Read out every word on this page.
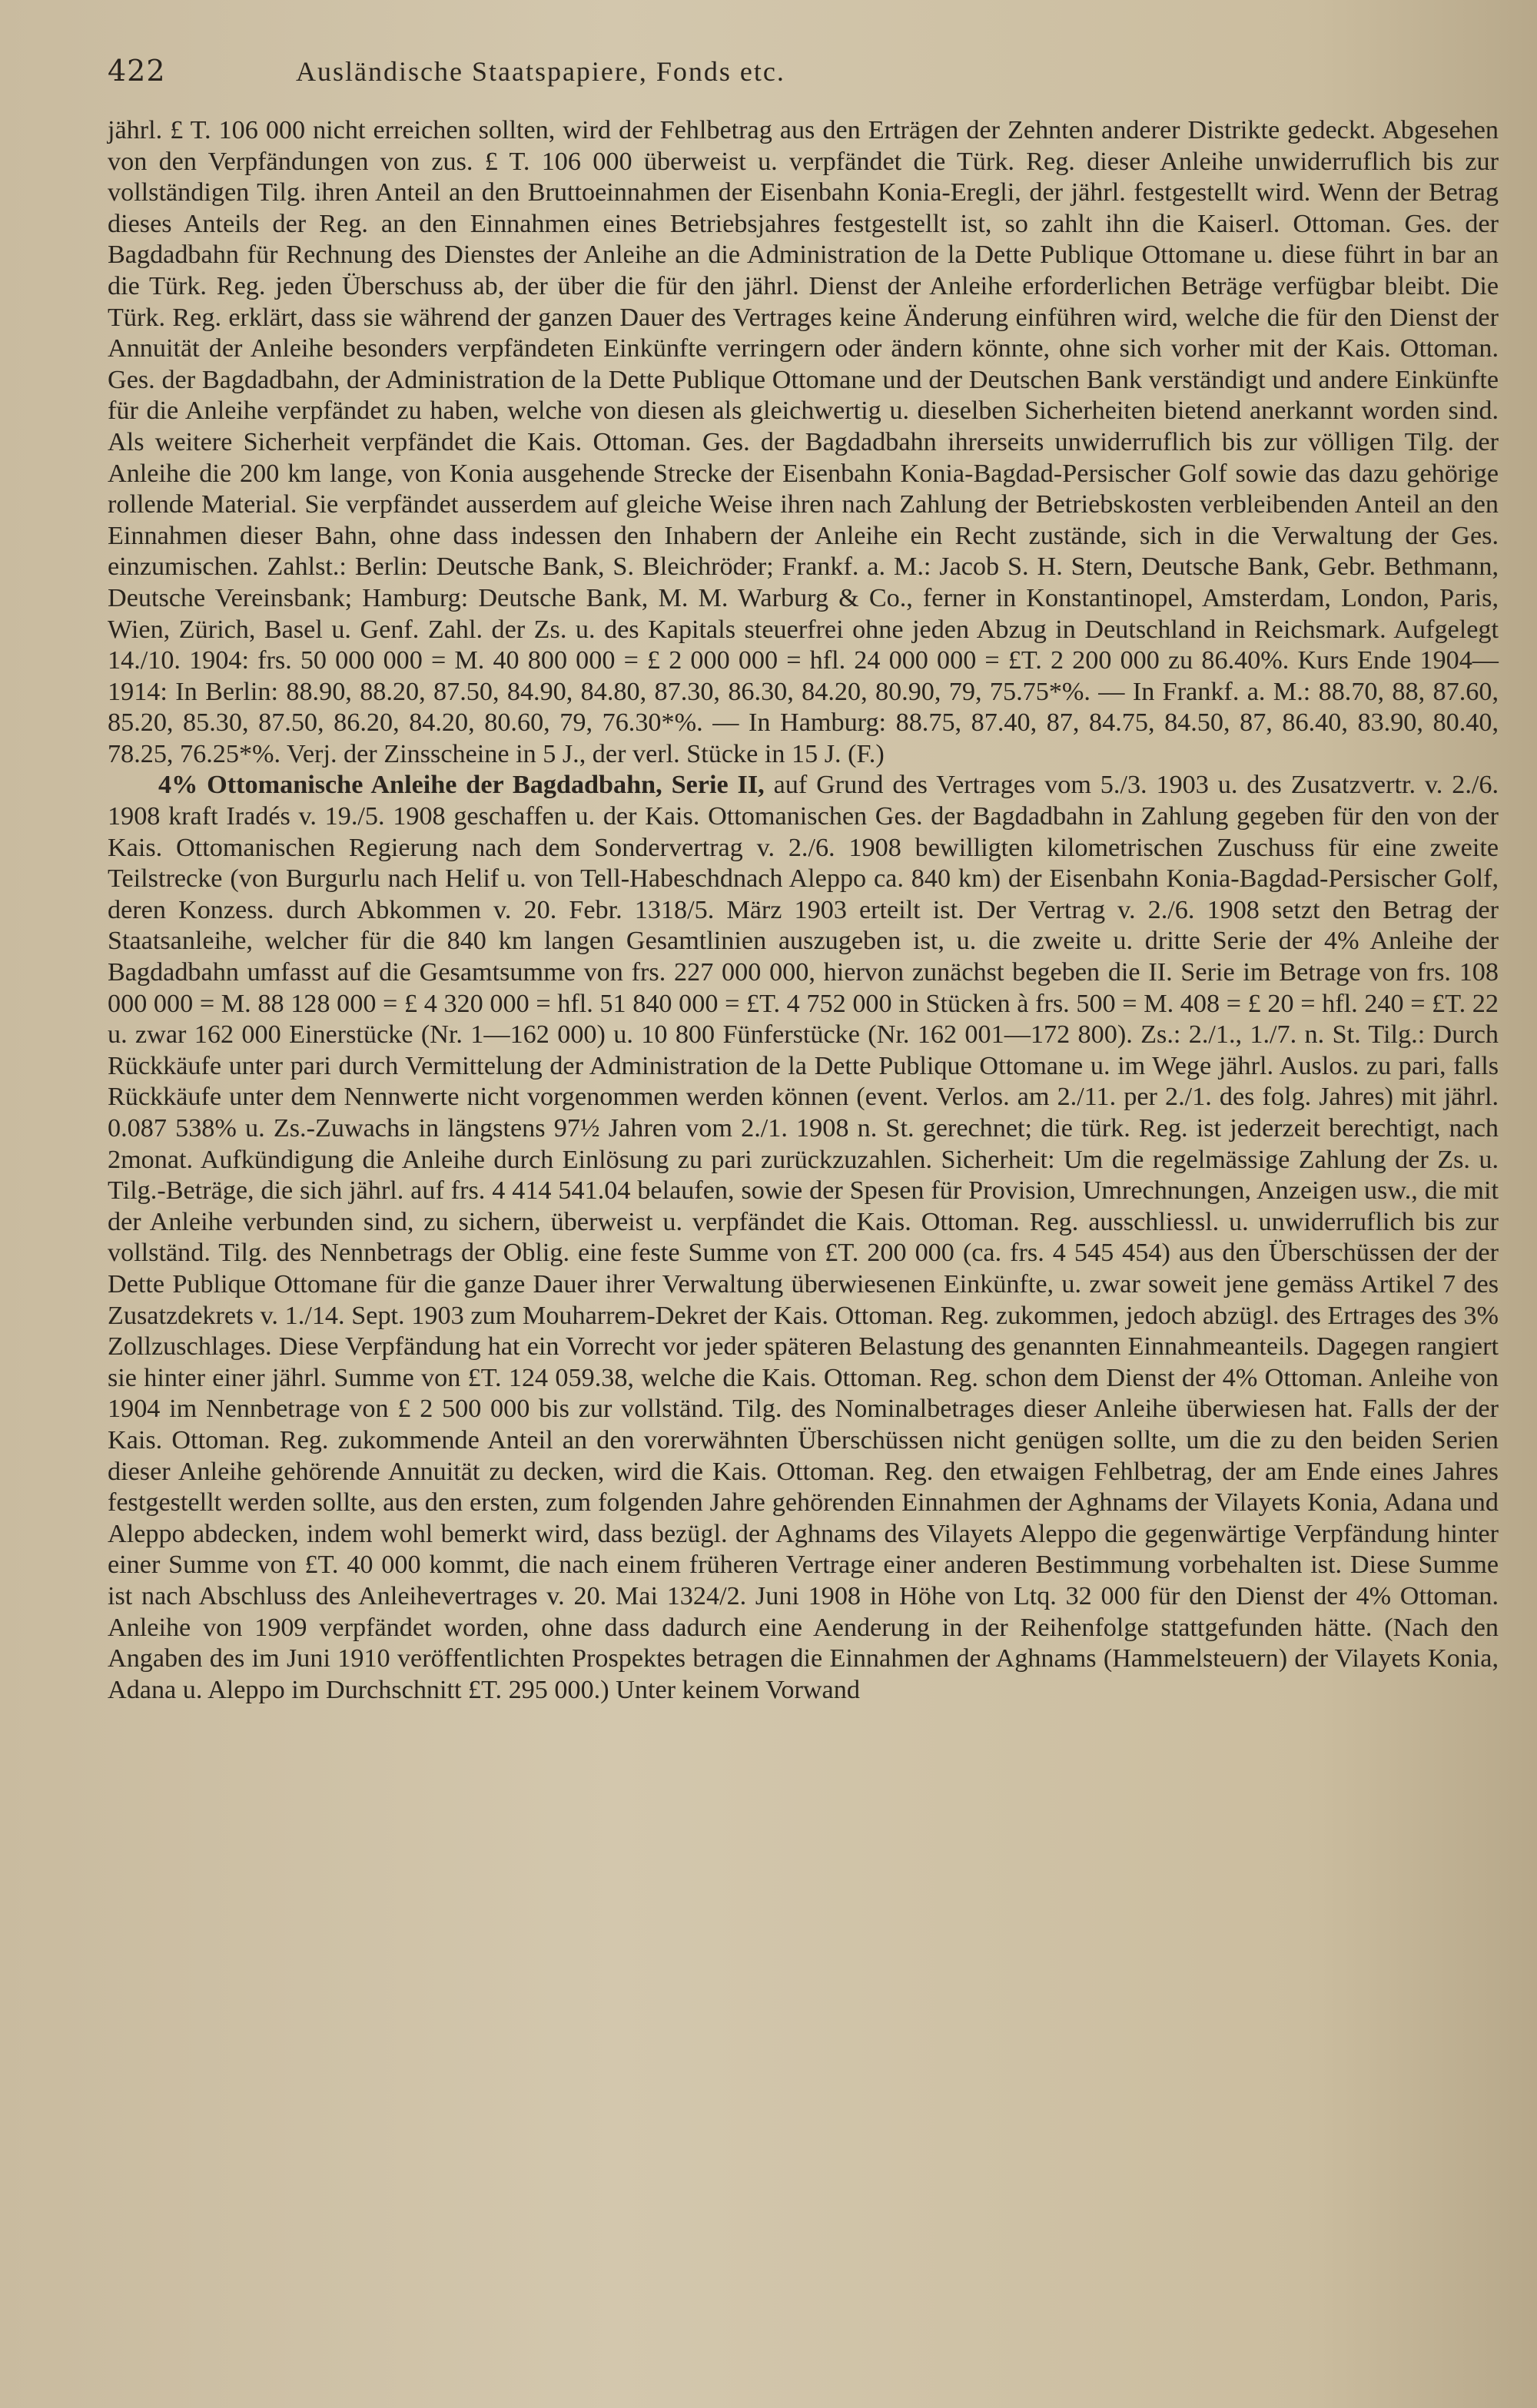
422	Ausländische Staatspapiere, Fonds etc.

jährl. £ T. 106 000 nicht erreichen sollten, wird der Fehlbetrag aus den Erträgen der Zehnten anderer Distrikte gedeckt. Abgesehen von den Verpfändungen von zus. £ T. 106 000 überweist u. verpfändet die Türk. Reg. dieser Anleihe unwiderruflich bis zur vollständigen Tilg. ihren Anteil an den Bruttoeinnahmen der Eisenbahn Konia-Eregli, der jährl. festgestellt wird. Wenn der Betrag dieses Anteils der Reg. an den Einnahmen eines Betriebsjahres festgestellt ist, so zahlt ihn die Kaiserl. Ottoman. Ges. der Bagdadbahn für Rechnung des Dienstes der Anleihe an die Administration de la Dette Publique Ottomane u. diese führt in bar an die Türk. Reg. jeden Überschuss ab, der über die für den jährl. Dienst der Anleihe erforderlichen Beträge verfügbar bleibt. Die Türk. Reg. erklärt, dass sie während der ganzen Dauer des Vertrages keine Änderung einführen wird, welche die für den Dienst der Annuität der Anleihe besonders verpfändeten Einkünfte verringern oder ändern könnte, ohne sich vorher mit der Kais. Ottoman. Ges. der Bagdadbahn, der Administration de la Dette Publique Ottomane und der Deutschen Bank verständigt und andere Einkünfte für die Anleihe verpfändet zu haben, welche von diesen als gleichwertig u. dieselben Sicherheiten bietend anerkannt worden sind. Als weitere Sicherheit verpfändet die Kais. Ottoman. Ges. der Bagdadbahn ihrerseits unwiderruflich bis zur völligen Tilg. der Anleihe die 200 km lange, von Konia ausgehende Strecke der Eisenbahn Konia-Bagdad-Persischer Golf sowie das dazu gehörige rollende Material. Sie verpfändet ausserdem auf gleiche Weise ihren nach Zahlung der Betriebskosten verbleibenden Anteil an den Einnahmen dieser Bahn, ohne dass indessen den Inhabern der Anleihe ein Recht zustände, sich in die Verwaltung der Ges. einzumischen. Zahlst.: Berlin: Deutsche Bank, S. Bleichröder; Frankf. a. M.: Jacob S. H. Stern, Deutsche Bank, Gebr. Bethmann, Deutsche Vereinsbank; Hamburg: Deutsche Bank, M. M. Warburg & Co., ferner in Konstantinopel, Amsterdam, London, Paris, Wien, Zürich, Basel u. Genf. Zahl. der Zs. u. des Kapitals steuerfrei ohne jeden Abzug in Deutschland in Reichsmark. Aufgelegt 14./10. 1904: frs. 50 000 000 = M. 40 800 000 = £ 2 000 000 = hfl. 24 000 000 = £T. 2 200 000 zu 86.40%. Kurs Ende 1904—1914: In Berlin: 88.90, 88.20, 87.50, 84.90, 84.80, 87.30, 86.30, 84.20, 80.90, 79, 75.75*%. — In Frankf. a. M.: 88.70, 88, 87.60, 85.20, 85.30, 87.50, 86.20, 84.20, 80.60, 79, 76.30*%. — In Hamburg: 88.75, 87.40, 87, 84.75, 84.50, 87, 86.40, 83.90, 80.40, 78.25, 76.25*%. Verj. der Zinsscheine in 5 J., der verl. Stücke in 15 J. (F.)

4% Ottomanische Anleihe der Bagdadbahn, Serie II, auf Grund des Vertrages vom 5./3. 1903 u. des Zusatzvertr. v. 2./6. 1908 kraft Iradés v. 19./5. 1908 geschaffen u. der Kais. Ottomanischen Ges. der Bagdadbahn in Zahlung gegeben für den von der Kais. Ottomanischen Regierung nach dem Sondervertrag v. 2./6. 1908 bewilligten kilometrischen Zuschuss für eine zweite Teilstrecke (von Burgurlu nach Helif u. von Tell-Habeschdnach Aleppo ca. 840 km) der Eisenbahn Konia-Bagdad-Persischer Golf, deren Konzess. durch Abkommen v. 20. Febr. 1318/5. März 1903 erteilt ist. Der Vertrag v. 2./6. 1908 setzt den Betrag der Staatsanleihe, welcher für die 840 km langen Gesamtlinien auszugeben ist, u. die zweite u. dritte Serie der 4% Anleihe der Bagdadbahn umfasst auf die Gesamtsumme von frs. 227 000 000, hiervon zunächst begeben die II. Serie im Betrage von frs. 108 000 000 = M. 88 128 000 = £ 4 320 000 = hfl. 51 840 000 = £T. 4 752 000 in Stücken à frs. 500 = M. 408 = £ 20 = hfl. 240 = £T. 22 u. zwar 162 000 Einerstücke (Nr. 1—162 000) u. 10 800 Fünferstücke (Nr. 162 001—172 800). Zs.: 2./1., 1./7. n. St. Tilg.: Durch Rückkäufe unter pari durch Vermittelung der Administration de la Dette Publique Ottomane u. im Wege jährl. Auslos. zu pari, falls Rückkäufe unter dem Nennwerte nicht vorgenommen werden können (event. Verlos. am 2./11. per 2./1. des folg. Jahres) mit jährl. 0.087 538% u. Zs.-Zuwachs in längstens 97½ Jahren vom 2./1. 1908 n. St. gerechnet; die türk. Reg. ist jederzeit berechtigt, nach 2monat. Aufkündigung die Anleihe durch Einlösung zu pari zurückzuzahlen. Sicherheit: Um die regelmässige Zahlung der Zs. u. Tilg.-Beträge, die sich jährl. auf frs. 4 414 541.04 belaufen, sowie der Spesen für Provision, Umrechnungen, Anzeigen usw., die mit der Anleihe verbunden sind, zu sichern, überweist u. verpfändet die Kais. Ottoman. Reg. ausschliessl. u. unwiderruflich bis zur vollständ. Tilg. des Nennbetrags der Oblig. eine feste Summe von £T. 200 000 (ca. frs. 4 545 454) aus den Überschüssen der der Dette Publique Ottomane für die ganze Dauer ihrer Verwaltung überwiesenen Einkünfte, u. zwar soweit jene gemäss Artikel 7 des Zusatzdekrets v. 1./14. Sept. 1903 zum Mouharrem-Dekret der Kais. Ottoman. Reg. zukommen, jedoch abzügl. des Ertrages des 3% Zollzuschlages. Diese Verpfändung hat ein Vorrecht vor jeder späteren Belastung des genannten Einnahmeanteils. Dagegen rangiert sie hinter einer jährl. Summe von £T. 124 059.38, welche die Kais. Ottoman. Reg. schon dem Dienst der 4% Ottoman. Anleihe von 1904 im Nennbetrage von £ 2 500 000 bis zur vollständ. Tilg. des Nominalbetrages dieser Anleihe überwiesen hat. Falls der der Kais. Ottoman. Reg. zukommende Anteil an den vorerwähnten Überschüssen nicht genügen sollte, um die zu den beiden Serien dieser Anleihe gehörende Annuität zu decken, wird die Kais. Ottoman. Reg. den etwaigen Fehlbetrag, der am Ende eines Jahres festgestellt werden sollte, aus den ersten, zum folgenden Jahre gehörenden Einnahmen der Aghnams der Vilayets Konia, Adana und Aleppo abdecken, indem wohl bemerkt wird, dass bezügl. der Aghnams des Vilayets Aleppo die gegenwärtige Verpfändung hinter einer Summe von £T. 40 000 kommt, die nach einem früheren Vertrage einer anderen Bestimmung vorbehalten ist. Diese Summe ist nach Abschluss des Anleihevertrages v. 20. Mai 1324/2. Juni 1908 in Höhe von Ltq. 32 000 für den Dienst der 4% Ottoman. Anleihe von 1909 verpfändet worden, ohne dass dadurch eine Aenderung in der Reihenfolge stattgefunden hätte. (Nach den Angaben des im Juni 1910 veröffentlichten Prospektes betragen die Einnahmen der Aghnams (Hammelsteuern) der Vilayets Konia, Adana u. Aleppo im Durchschnitt £T. 295 000.) Unter keinem Vorwand
